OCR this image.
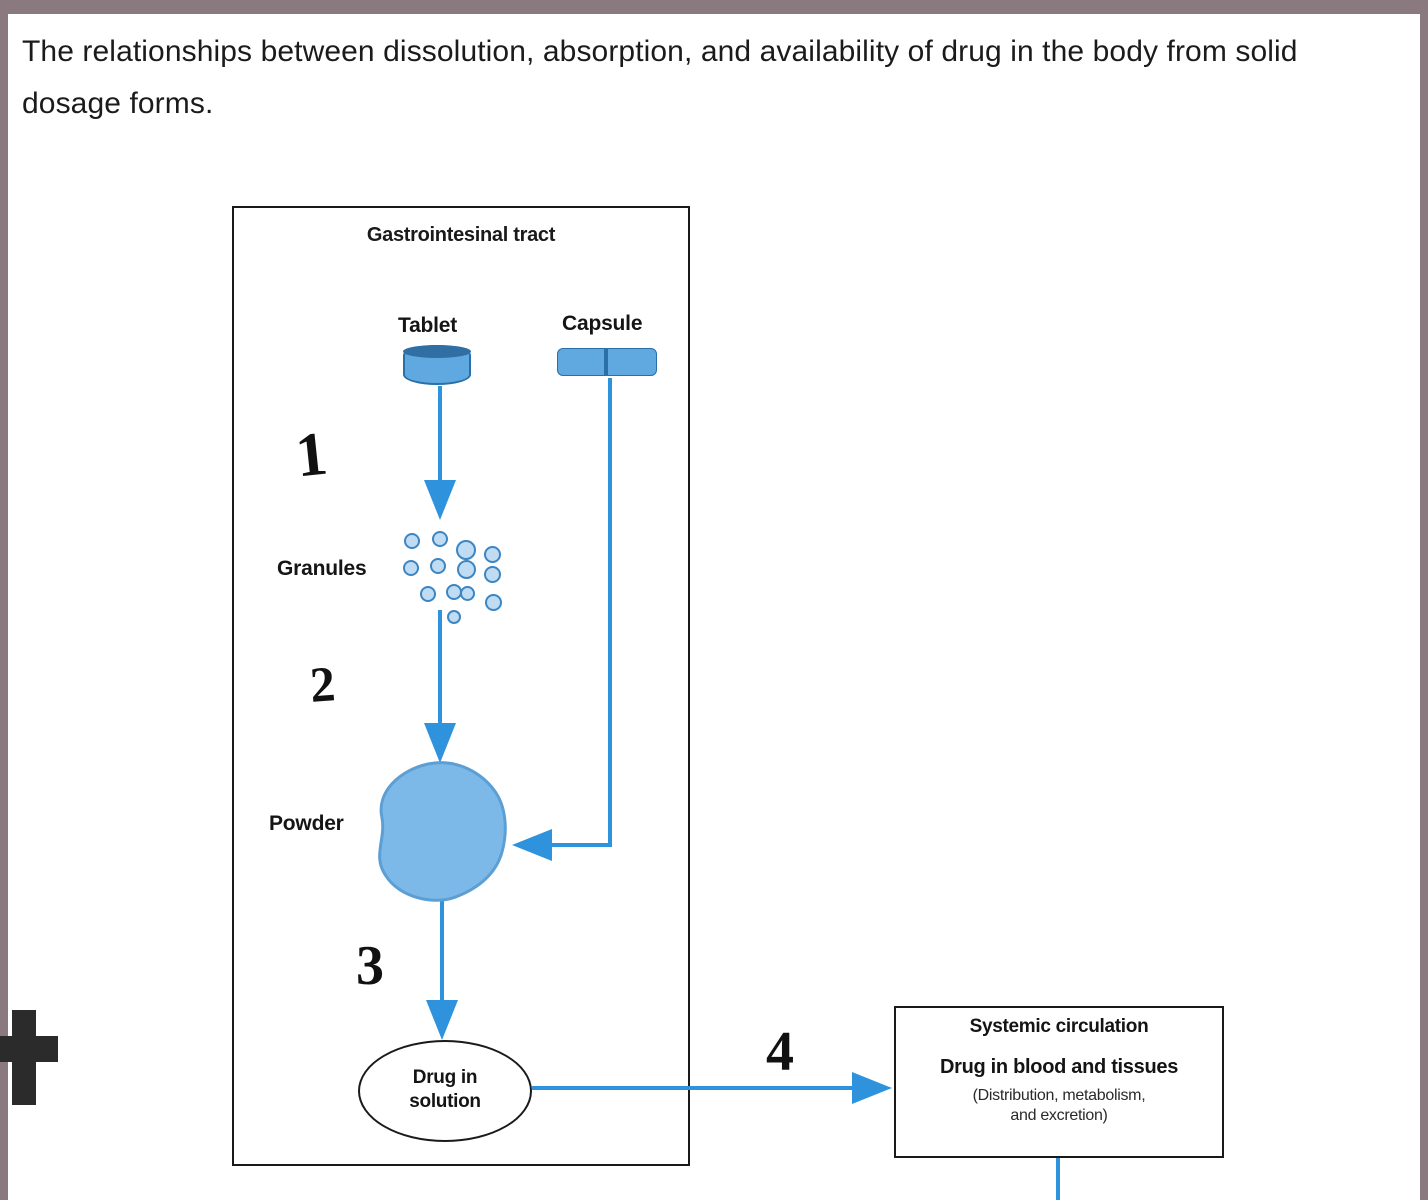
The relationships between dissolution, absorption, and availability of drug in the body from solid dosage forms.
Gastrointesinal tract
Tablet	Capsule
Granules
Powder
Drug in
solution
Systemic circulation
Drug in blood and tissues
(Distribution, metabolism,
and excretion)
1
2
3
4
